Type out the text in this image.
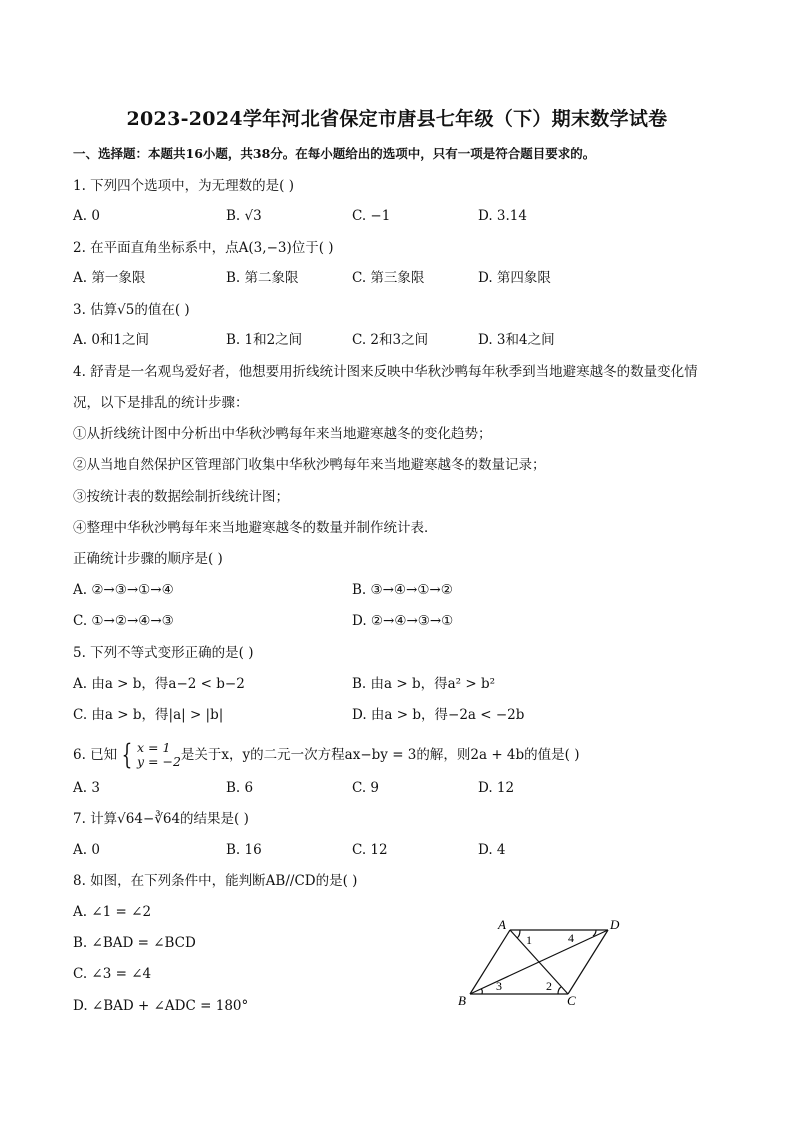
2023-2024学年河北省保定市唐县七年级（下）期末数学试卷
一、选择题：本题共16小题，共38分。在每小题给出的选项中，只有一项是符合题目要求的。
1. 下列四个选项中，为无理数的是( )
A. 0	B. √3	C. −1	D. 3.14
2. 在平面直角坐标系中，点A(3,−3)位于( )
A. 第一象限	B. 第二象限	C. 第三象限	D. 第四象限
3. 估算√5的值在( )
A. 0和1之间	B. 1和2之间	C. 2和3之间	D. 3和4之间
4. 舒青是一名观鸟爱好者，他想要用折线统计图来反映中华秋沙鸭每年秋季到当地避寒越冬的数量变化情
况，以下是排乱的统计步骤：
①从折线统计图中分析出中华秋沙鸭每年来当地避寒越冬的变化趋势；
②从当地自然保护区管理部门收集中华秋沙鸭每年来当地避寒越冬的数量记录；
③按统计表的数据绘制折线统计图；
④整理中华秋沙鸭每年来当地避寒越冬的数量并制作统计表．
正确统计步骤的顺序是( )
A. ②→③→①→④	B. ③→④→①→②
C. ①→②→④→③	D. ②→④→③→①
5. 下列不等式变形正确的是( )
A. 由a > b，得a−2 < b−2	B. 由a > b，得a² > b²
C. 由a > b，得|a| > |b|	D. 由a > b，得−2a < −2b
6. 已知 { x = 1
y = −2 是关于x，y的二元一次方程ax−by = 3的解，则2a + 4b的值是( )
A. 3	B. 6	C. 9	D. 12
7. 计算√64−∛64的结果是( )
A. 0	B. 16	C. 12	D. 4
8. 如图，在下列条件中，能判断AB//CD的是( )
A. ∠1 = ∠2
B. ∠BAD = ∠BCD
C. ∠3 = ∠4
D. ∠BAD + ∠ADC = 180°
A	D
B	C
1
2
3
4
